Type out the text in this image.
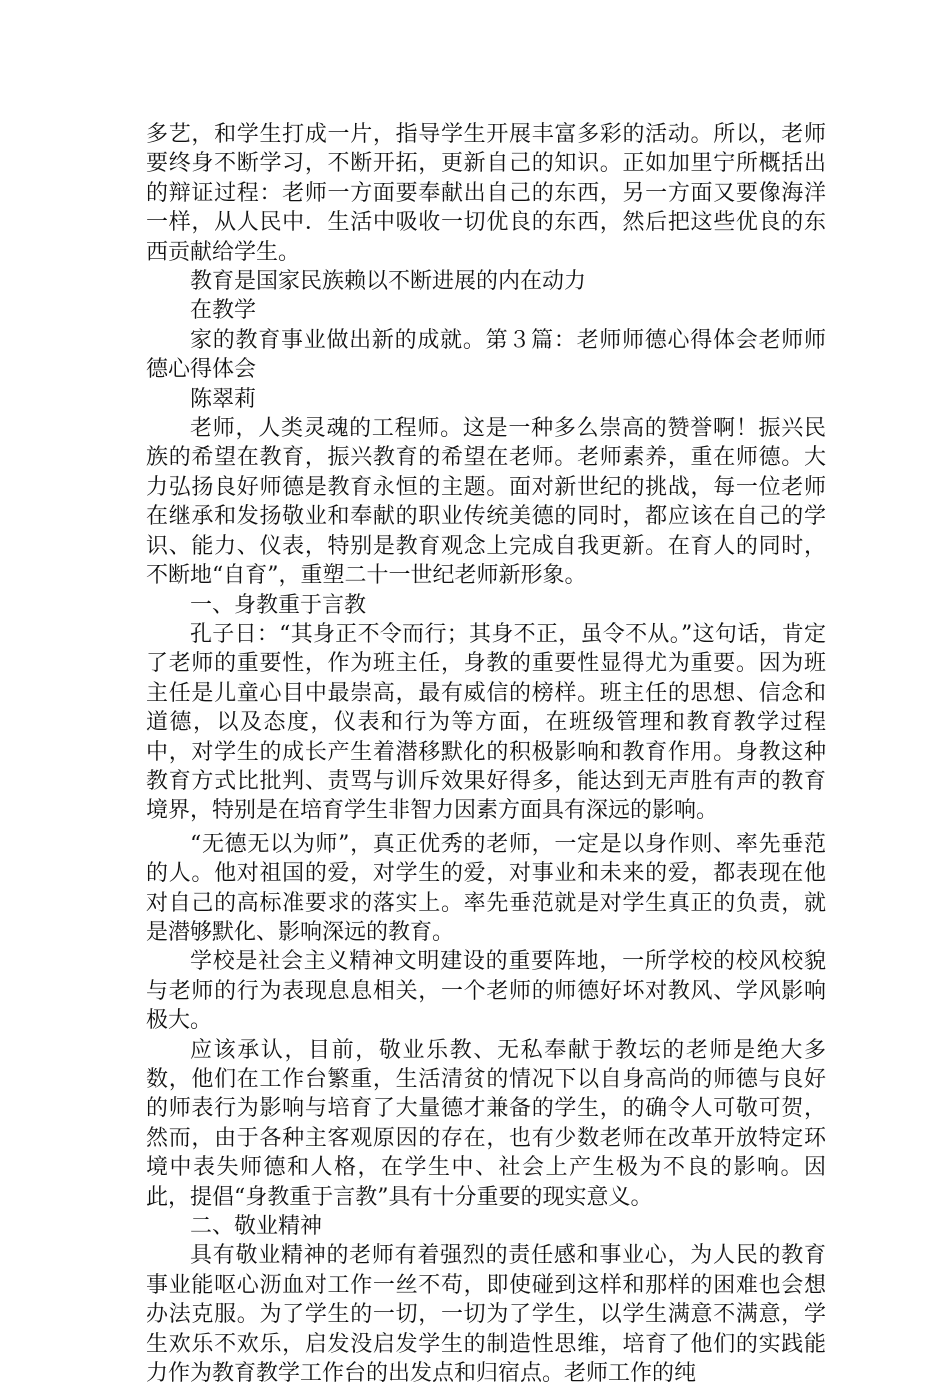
多艺，和学生打成一片，指导学生开展丰富多彩的活动。所以，老师要终身不断学习，不断开拓，更新自己的知识。正如加里宁所概括出的辩证过程：老师一方面要奉献出自己的东西，另一方面又要像海洋一样，从人民中．生活中吸收一切优良的东西，然后把这些优良的东西贡献给学生。

教育是国家民族赖以不断进展的内在动力

在教学

家的教育事业做出新的成就。第３篇：老师师德心得体会老师师德心得体会

陈翠莉

老师，人类灵魂的工程师。这是一种多么崇高的赞誉啊！振兴民族的希望在教育，振兴教育的希望在老师。老师素养，重在师德。大力弘扬良好师德是教育永恒的主题。面对新世纪的挑战，每一位老师在继承和发扬敬业和奉献的职业传统美德的同时，都应该在自己的学识、能力、仪表，特别是教育观念上完成自我更新。在育人的同时，不断地“自育”，重塑二十一世纪老师新形象。

一、身教重于言教

孔子日：“其身正不令而行；其身不正，虽令不从。”这句话，肯定了老师的重要性，作为班主任，身教的重要性显得尤为重要。因为班主任是儿童心目中最崇高，最有威信的榜样。班主任的思想、信念和道德，以及态度，仪表和行为等方面，在班级管理和教育教学过程中，对学生的成长产生着潜移默化的积极影响和教育作用。身教这种教育方式比批判、责骂与训斥效果好得多，能达到无声胜有声的教育境界，特别是在培育学生非智力因素方面具有深远的影响。

“无德无以为师”，真正优秀的老师，一定是以身作则、率先垂范的人。他对祖国的爱，对学生的爱，对事业和未来的爱，都表现在他对自己的高标准要求的落实上。率先垂范就是对学生真正的负责，就是潜够默化、影响深远的教育。

学校是社会主义精神文明建设的重要阵地，一所学校的校风校貌与老师的行为表现息息相关，一个老师的师德好坏对教风、学风影响极大。

应该承认，目前，敬业乐教、无私奉献于教坛的老师是绝大多数，他们在工作台繁重，生活清贫的情况下以自身高尚的师德与良好的师表行为影响与培育了大量德才兼备的学生，的确令人可敬可贺，然而，由于各种主客观原因的存在，也有少数老师在改革开放特定环境中表失师德和人格，在学生中、社会上产生极为不良的影响。因此，提倡“身教重于言教”具有十分重要的现实意义。

二、敬业精神

具有敬业精神的老师有着强烈的责任感和事业心，为人民的教育事业能呕心沥血对工作一丝不苟，即使碰到这样和那样的困难也会想办法克服。为了学生的一切，一切为了学生，以学生满意不满意，学生欢乐不欢乐，启发没启发学生的制造性思维，培育了他们的实践能力作为教育教学工作台的出发点和归宿点。老师工作的纯
